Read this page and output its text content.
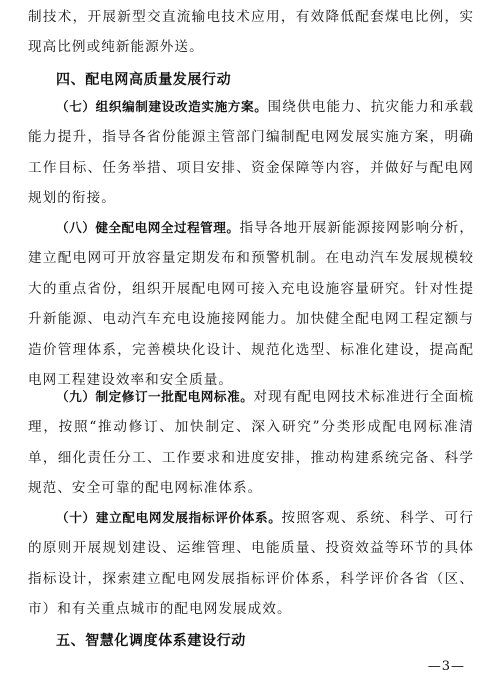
制技术，开展新型交直流输电技术应用，有效降低配套煤电比例，实现高比例或纯新能源外送。

四、配电网高质量发展行动

（七）组织编制建设改造实施方案。围绕供电能力、抗灾能力和承载能力提升，指导各省份能源主管部门编制配电网发展实施方案，明确工作目标、任务举措、项目安排、资金保障等内容，并做好与配电网规划的衔接。

（八）健全配电网全过程管理。指导各地开展新能源接网影响分析，建立配电网可开放容量定期发布和预警机制。在电动汽车发展规模较大的重点省份，组织开展配电网可接入充电设施容量研究。针对性提升新能源、电动汽车充电设施接网能力。加快健全配电网工程定额与造价管理体系，完善模块化设计、规范化选型、标准化建设，提高配电网工程建设效率和安全质量。

（九）制定修订一批配电网标准。对现有配电网技术标准进行全面梳理，按照“推动修订、加快制定、深入研究”分类形成配电网标准清单，细化责任分工、工作要求和进度安排，推动构建系统完备、科学规范、安全可靠的配电网标准体系。

（十）建立配电网发展指标评价体系。按照客观、系统、科学、可行的原则开展规划建设、运维管理、电能质量、投资效益等环节的具体指标设计，探索建立配电网发展指标评价体系，科学评价各省（区、市）和有关重点城市的配电网发展成效。

五、智慧化调度体系建设行动
—3—
